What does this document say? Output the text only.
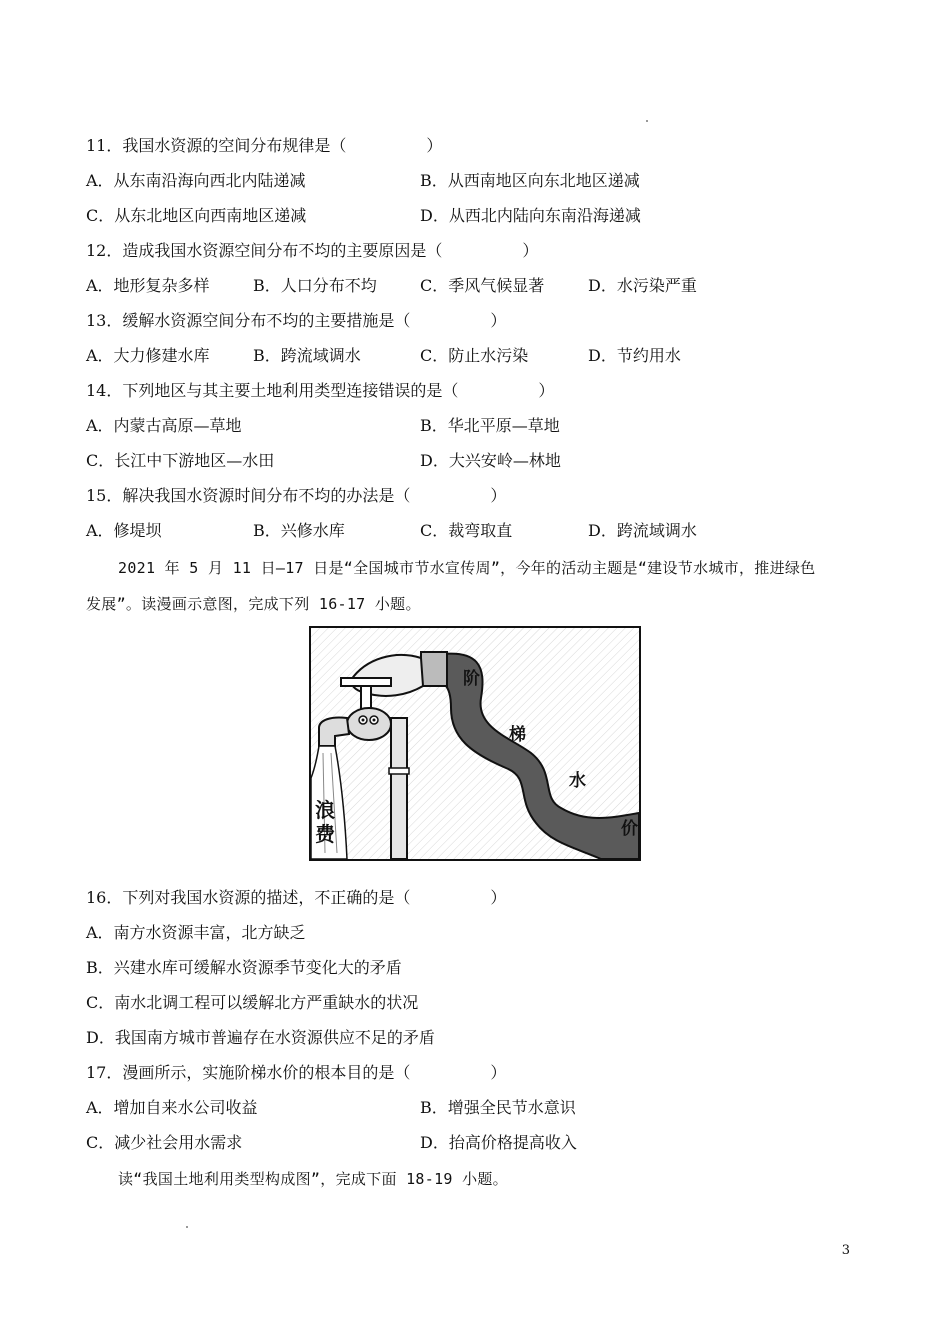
11．我国水资源的空间分布规律是（　　　　　）
A．从东南沿海向西北内陆递减	B．从西南地区向东北地区递减
C．从东北地区向西南地区递减	D．从西北内陆向东南沿海递减
12．造成我国水资源空间分布不均的主要原因是（　　　　　）
A．地形复杂多样	B．人口分布不均	C．季风气候显著	D．水污染严重
13．缓解水资源空间分布不均的主要措施是（　　　　　）
A．大力修建水库	B．跨流域调水	C．防止水污染	D．节约用水
14．下列地区与其主要土地利用类型连接错误的是（　　　　　）
A．内蒙古高原—草地	B．华北平原—草地
C．长江中下游地区—水田	D．大兴安岭—林地
15．解决我国水资源时间分布不均的办法是（　　　　　）
A．修堤坝	B．兴修水库	C．裁弯取直	D．跨流域调水
2021 年 5 月 11 日—17 日是“全国城市节水宣传周”，今年的活动主题是“建设节水城市，推进绿色
发展”。读漫画示意图，完成下列 16-17 小题。
浪
费
阶
梯
水
价
16．下列对我国水资源的描述，不正确的是（　　　　　）
A．南方水资源丰富，北方缺乏
B．兴建水库可缓解水资源季节变化大的矛盾
C．南水北调工程可以缓解北方严重缺水的状况
D．我国南方城市普遍存在水资源供应不足的矛盾
17．漫画所示，实施阶梯水价的根本目的是（　　　　　）
A．增加自来水公司收益	B．增强全民节水意识
C．减少社会用水需求	D．抬高价格提高收入
读“我国土地利用类型构成图”，完成下面 18-19 小题。
3
